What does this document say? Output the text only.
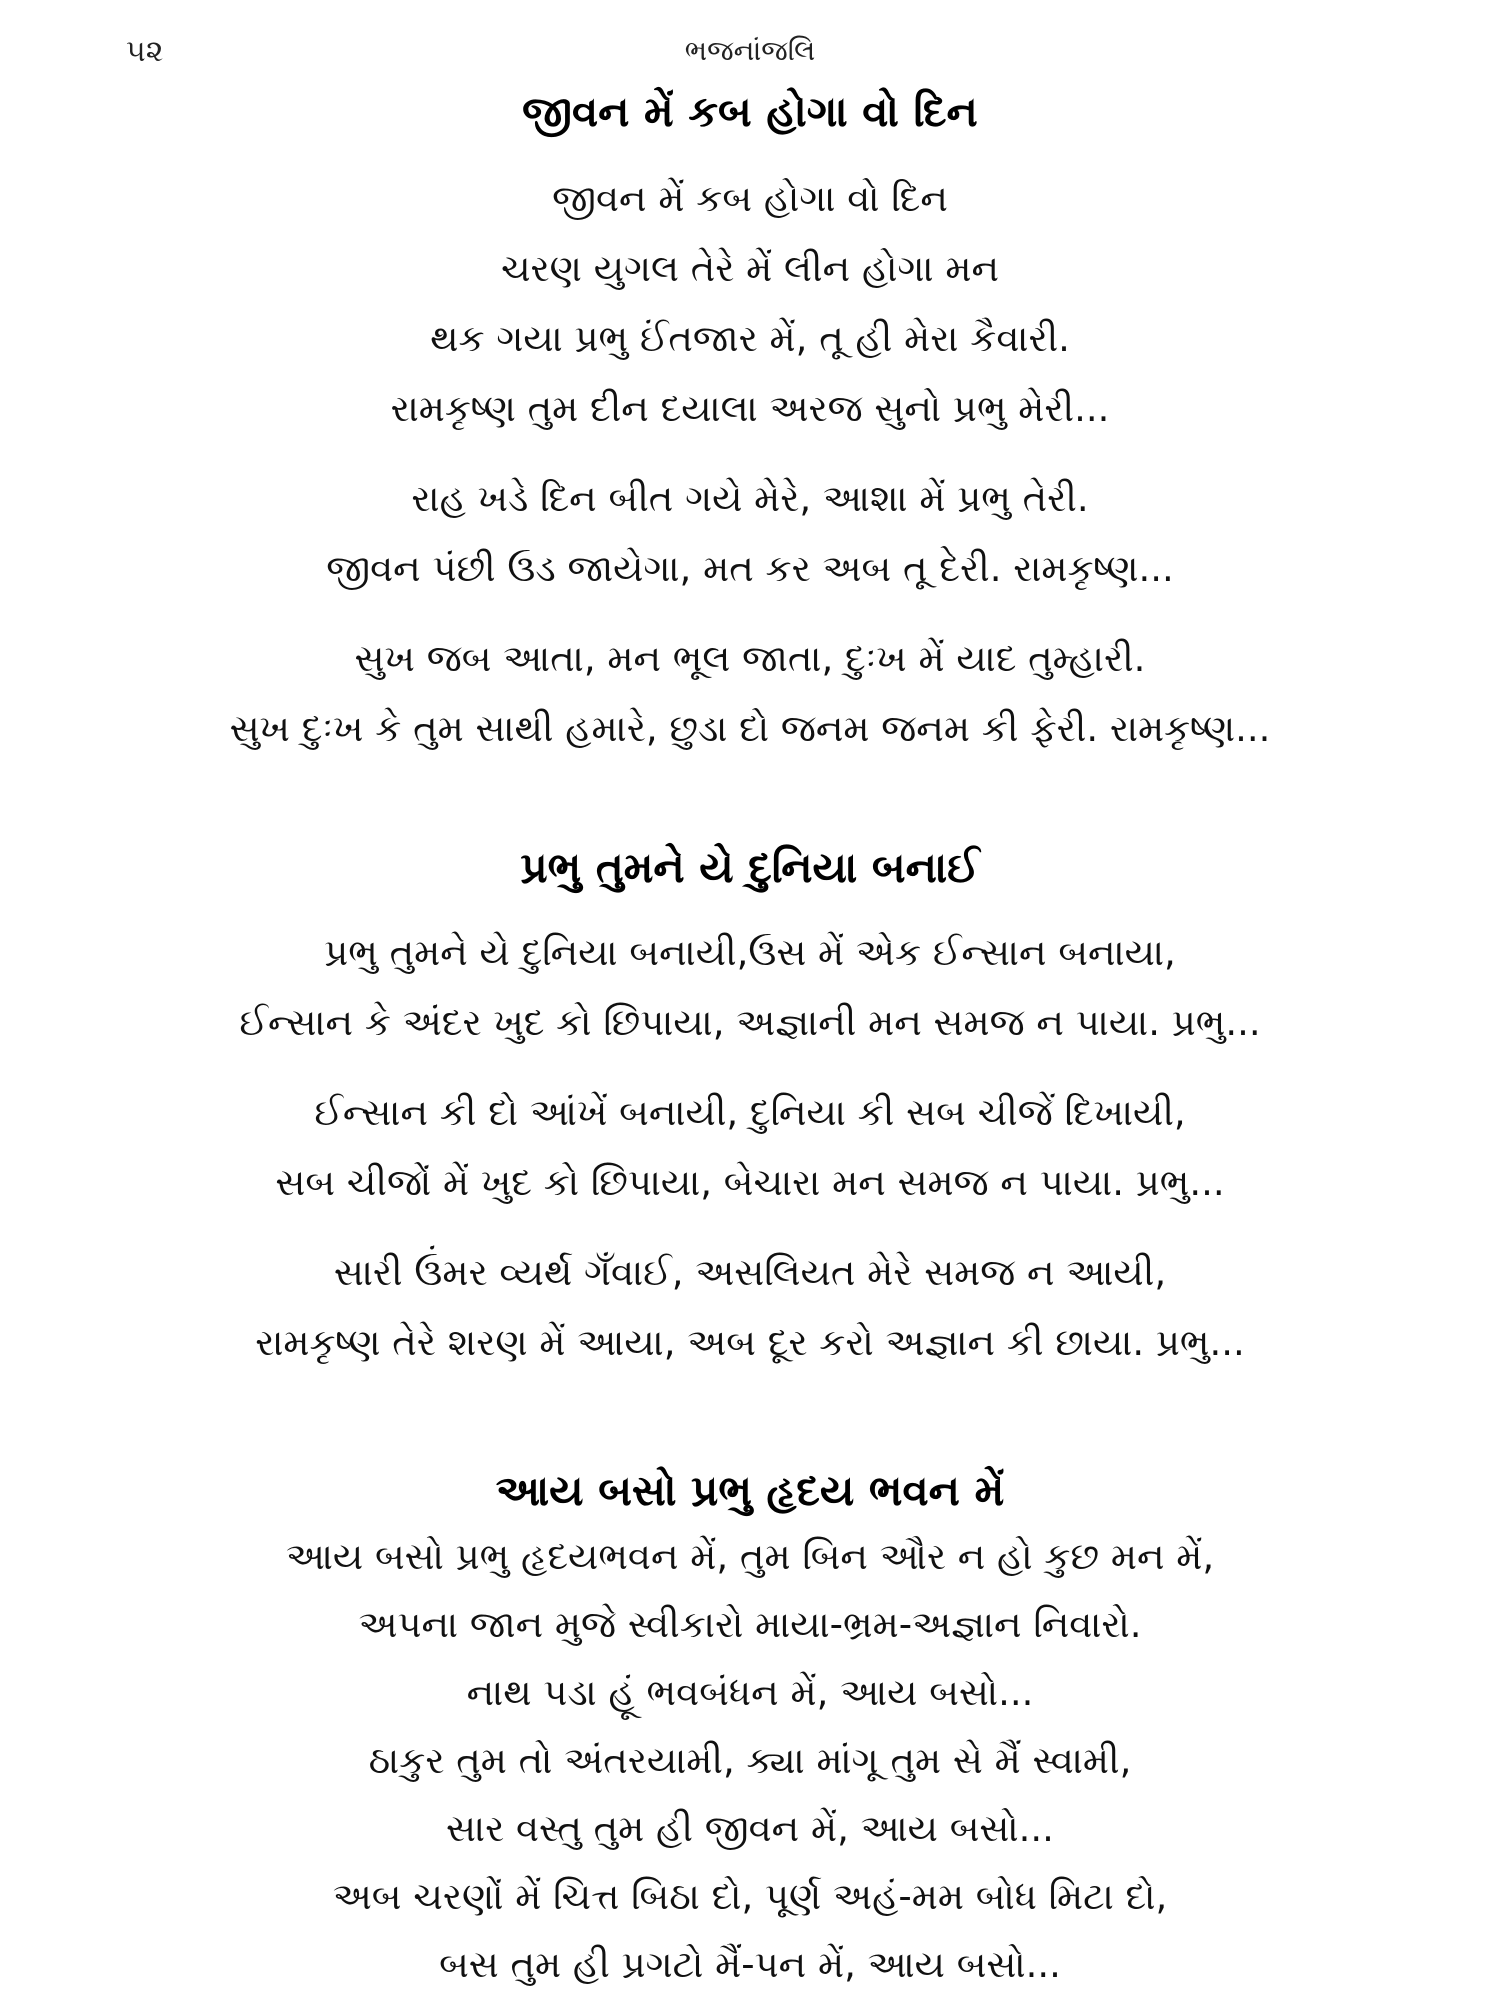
૫૨	ભજનાંજલિ
જીવન મેં કબ હોગા વો દિન

જીવન મેં કબ હોગા વો દિન

ચરણ યુગલ તેરે મેં લીન હોગા મન

થક ગયા પ્રભુ ઈંતજાર મેં, તૂ હી મેરા કૈવારી.

રામકૃષ્ણ તુમ દીન દયાલા અરજ સુનો પ્રભુ મેરી...

રાહ ખડે દિન બીત ગયે મેરે, આશા મેં પ્રભુ તેરી.

જીવન પંછી ઉડ જાયેગા, મત કર અબ તૂ દેરી. રામકૃષ્ણ...

સુખ જબ આતા, મન ભૂલ જાતા, દુઃખ મેં યાદ તુમ્હારી.

સુખ દુઃખ કે તુમ સાથી હમારે, છુડા દો જનમ જનમ કી ફેરી. રામકૃષ્ણ...

પ્રભુ તુમને યે દુનિયા બનાઈ

પ્રભુ તુમને યે દુનિયા બનાયી,ઉસ મેં એક ઈન્સાન બનાયા,

ઈન્સાન કે અંદર ખુદ કો છિપાયા, અજ્ઞાની મન સમજ ન પાયા. પ્રભુ...

ઈન્સાન કી દો આંખેં બનાયી, દુનિયા કી સબ ચીજેં દિખાયી,

સબ ચીજોં મેં ખુદ કો છિપાયા, બેચારા મન સમજ ન પાયા. પ્રભુ...

સારી ઉંમર વ્યર્થ ગઁવાઈ, અસલિયત મેરે સમજ ન આયી,

રામકૃષ્ણ તેરે શરણ મેં આયા, અબ દૂર કરો અજ્ઞાન કી છાયા. પ્રભુ...

આય બસો પ્રભુ હૃદય ભવન મેં

આય બસો પ્રભુ હૃદયભવન મેં, તુમ બિન ઔર ન હો કુછ મન મેં,

અપના જાન મુજે સ્વીકારો માયા-ભ્રમ-અજ્ઞાન નિવારો.

નાથ પડા હૂં ભવબંધન મેં, આય બસો...

ઠાકુર તુમ તો અંતરયામી, ક્યા માંગૂ તુમ સે મૈં સ્વામી,

સાર વસ્તુ તુમ હી જીવન મેં, આય બસો...

અબ ચરણોં મેં ચિત્ત બિઠા દો, પૂર્ણ અહં-મમ બોધ મિટા દો,

બસ તુમ હી પ્રગટો મૈં-પન મેં, આય બસો...
